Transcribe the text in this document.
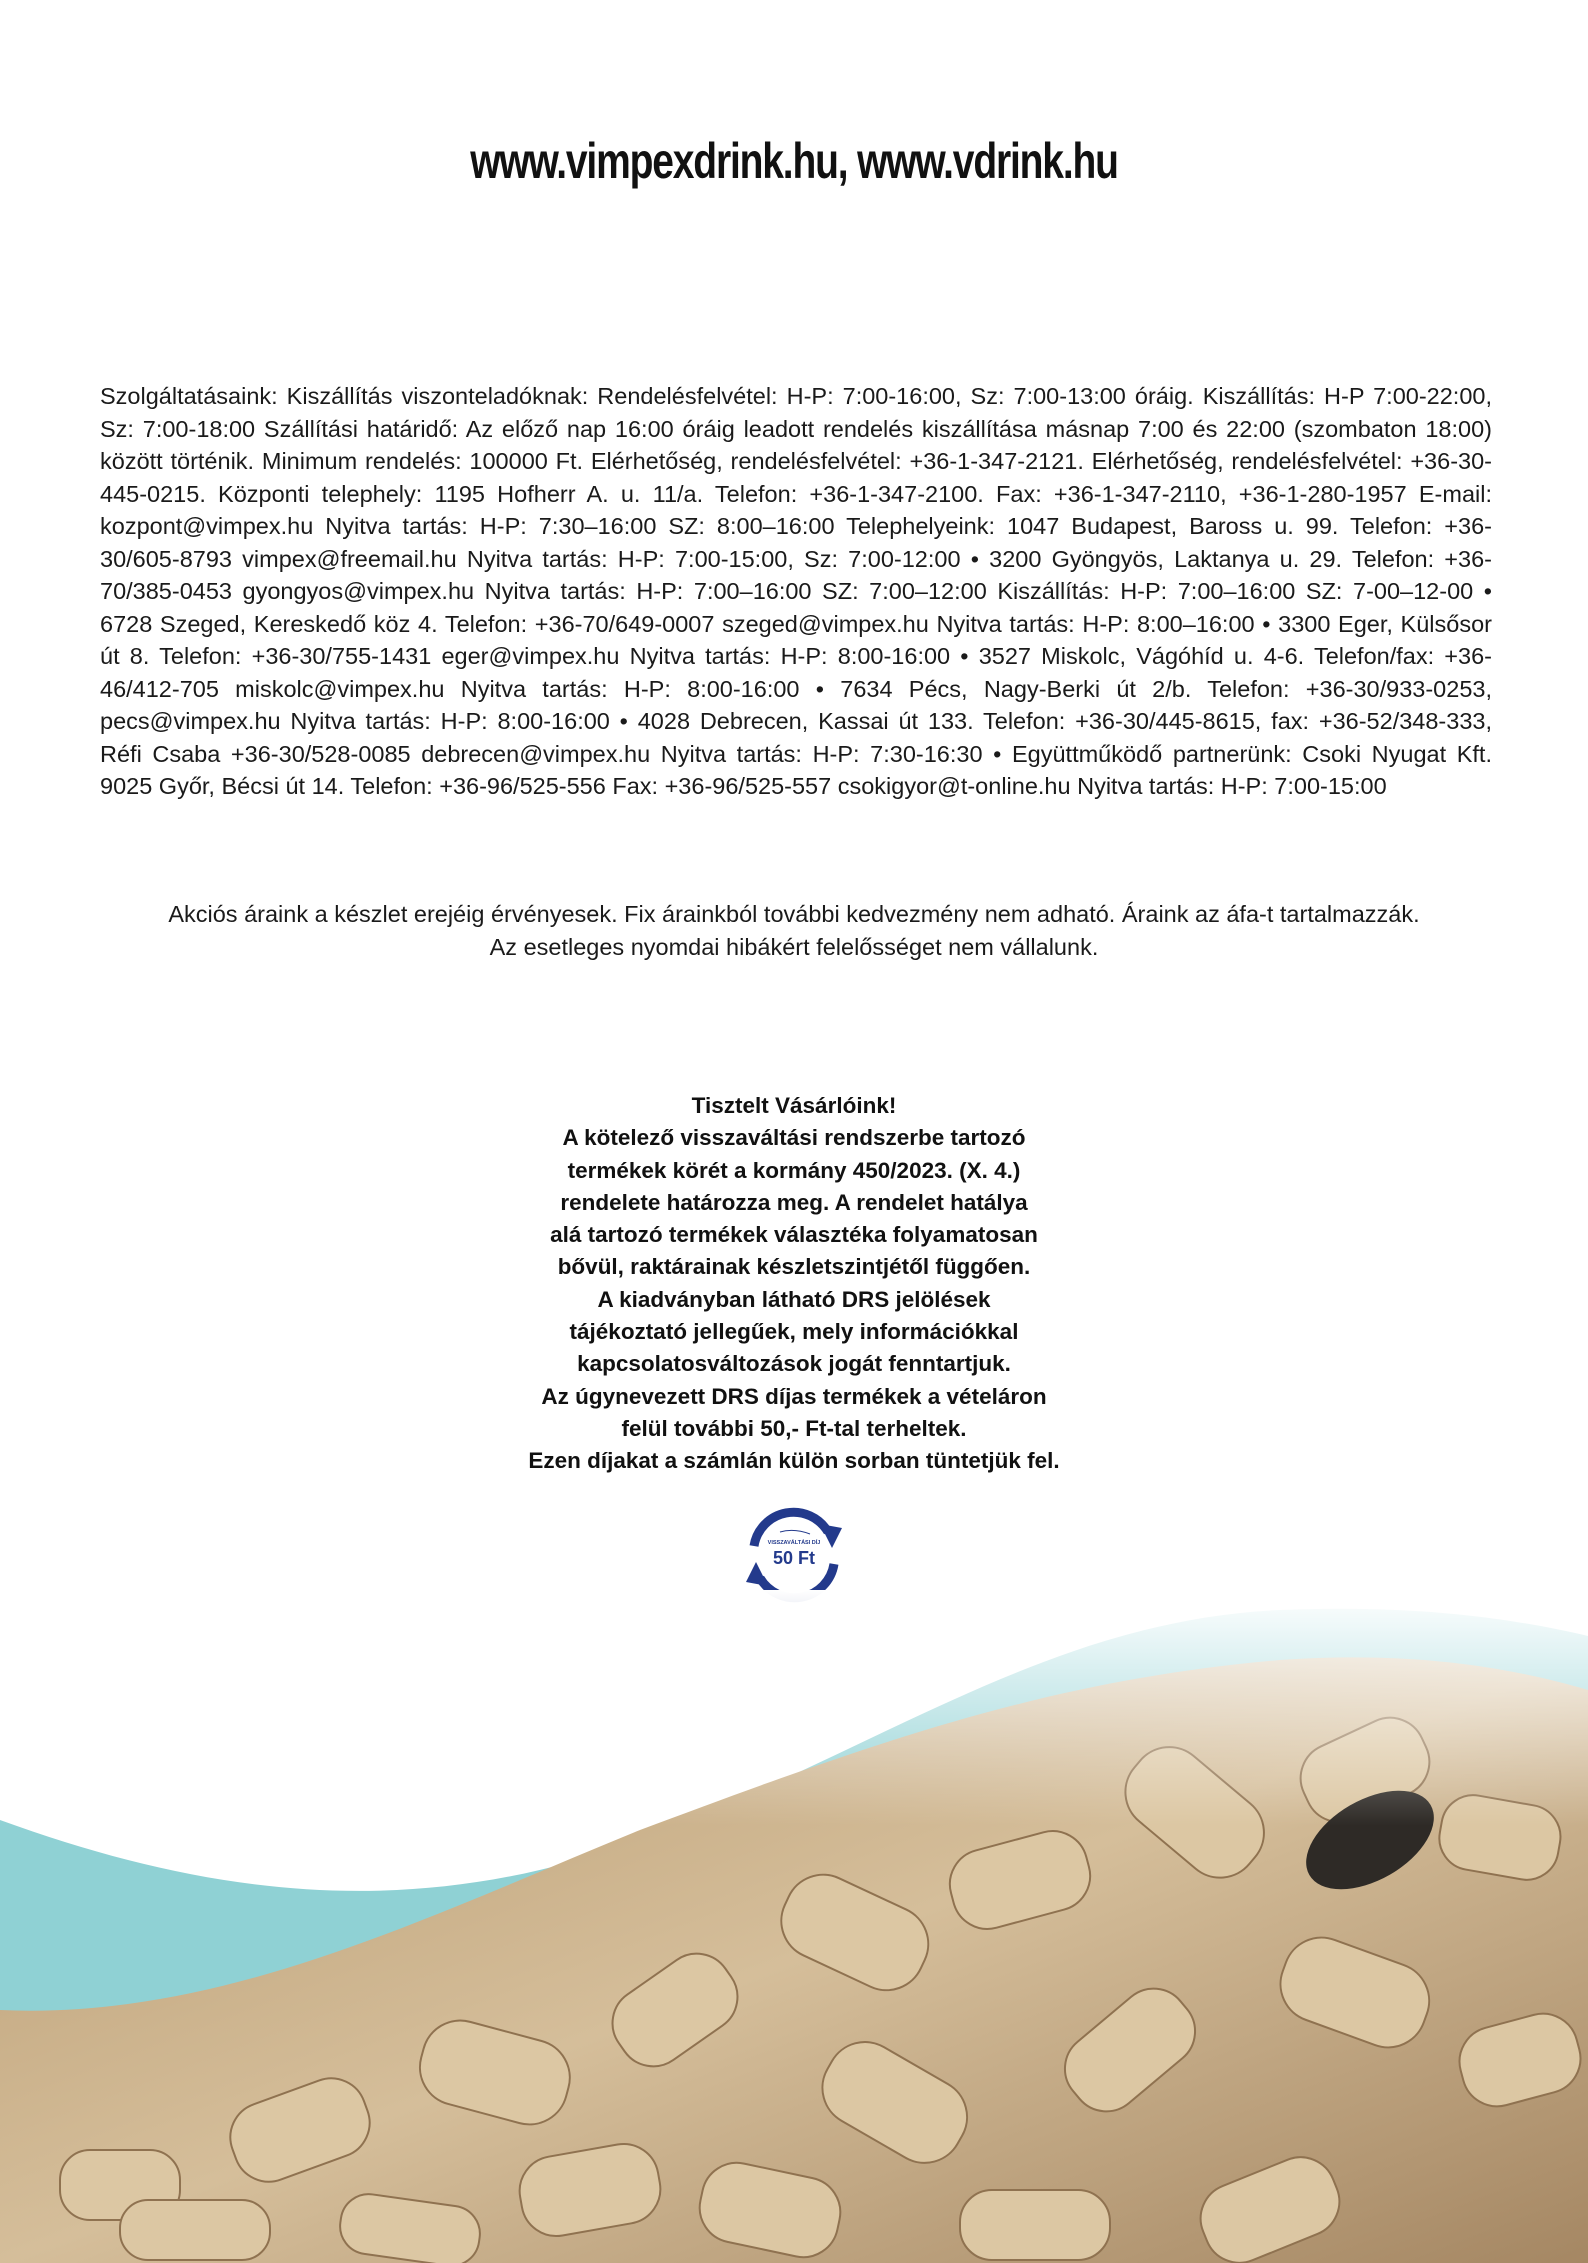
www.vimpexdrink.hu, www.vdrink.hu

Szolgáltatásaink: Kiszállítás viszonteladóknak: Rendelésfelvétel: H-P: 7:00-16:00, Sz: 7:00-13:00 óráig. Kiszállítás: H-P 7:00-22:00, Sz: 7:00-18:00 Szállítási határidő: Az előző nap 16:00 óráig leadott rendelés kiszállítása másnap 7:00 és 22:00 (szombaton 18:00) között történik. Minimum rendelés: 100000 Ft. Elérhetőség, rendelésfelvétel: +36-1-347-2121. Elérhetőség, rendelésfelvétel: +36-30-445-0215. Központi telephely: 1195 Hofherr A. u. 11/a. Telefon: +36-1-347-2100. Fax: +36-1-347-2110, +36-1-280-1957 E-mail: kozpont@vimpex.hu Nyitva tartás: H-P: 7:30–16:00 SZ: 8:00–16:00 Telephelyeink: 1047 Budapest, Baross u. 99. Telefon: +36-30/605-8793 vimpex@freemail.hu Nyitva tartás: H-P: 7:00-15:00, Sz: 7:00-12:00 • 3200 Gyöngyös, Laktanya u. 29. Telefon: +36-70/385-0453 gyongyos@vimpex.hu Nyitva tartás: H-P: 7:00–16:00 SZ: 7:00–12:00 Kiszállítás: H-P: 7:00–16:00 SZ: 7-00–12-00 • 6728 Szeged, Kereskedő köz 4. Telefon: +36-70/649-0007 szeged@vimpex.hu Nyitva tartás: H-P: 8:00–16:00 • 3300 Eger, Külsősor út 8. Telefon: +36-30/755-1431 eger@vimpex.hu Nyitva tartás: H-P: 8:00-16:00 • 3527 Miskolc, Vágóhíd u. 4-6. Telefon/fax: +36-46/412-705 miskolc@vimpex.hu Nyitva tartás: H-P: 8:00-16:00 • 7634 Pécs, Nagy-Berki út 2/b. Telefon: +36-30/933-0253, pecs@vimpex.hu Nyitva tartás: H-P: 8:00-16:00 • 4028 Debrecen, Kassai út 133. Telefon: +36-30/445-8615, fax: +36-52/348-333, Réfi Csaba +36-30/528-0085 debrecen@vimpex.hu Nyitva tartás: H-P: 7:30-16:30 • Együttműködő partnerünk: Csoki Nyugat Kft. 9025 Győr, Bécsi út 14. Telefon: +36-96/525-556 Fax: +36-96/525-557 csokigyor@t-online.hu Nyitva tartás: H-P: 7:00-15:00

Akciós áraink a készlet erejéig érvényesek. Fix árainkból további kedvezmény nem adható. Áraink az áfa-t tartalmazzák.
Az esetleges nyomdai hibákért felelősséget nem vállalunk.
Tisztelt Vásárlóink!
A kötelező visszaváltási rendszerbe tartozó
termékek körét a kormány 450/2023. (X. 4.)
rendelete határozza meg. A rendelet hatálya
alá tartozó termékek választéka folyamatosan
bővül, raktárainak készletszintjétől függően.
A kiadványban látható DRS jelölések
tájékoztató jellegűek, mely információkkal
kapcsolatosváltozások jogát fenntartjuk.
Az úgynevezett DRS díjas termékek a vételáron
felül további 50,- Ft-tal terheltek.
Ezen díjakat a számlán külön sorban tüntetjük fel.
VISSZAVÁLTÁSI DÍJ
50 Ft
